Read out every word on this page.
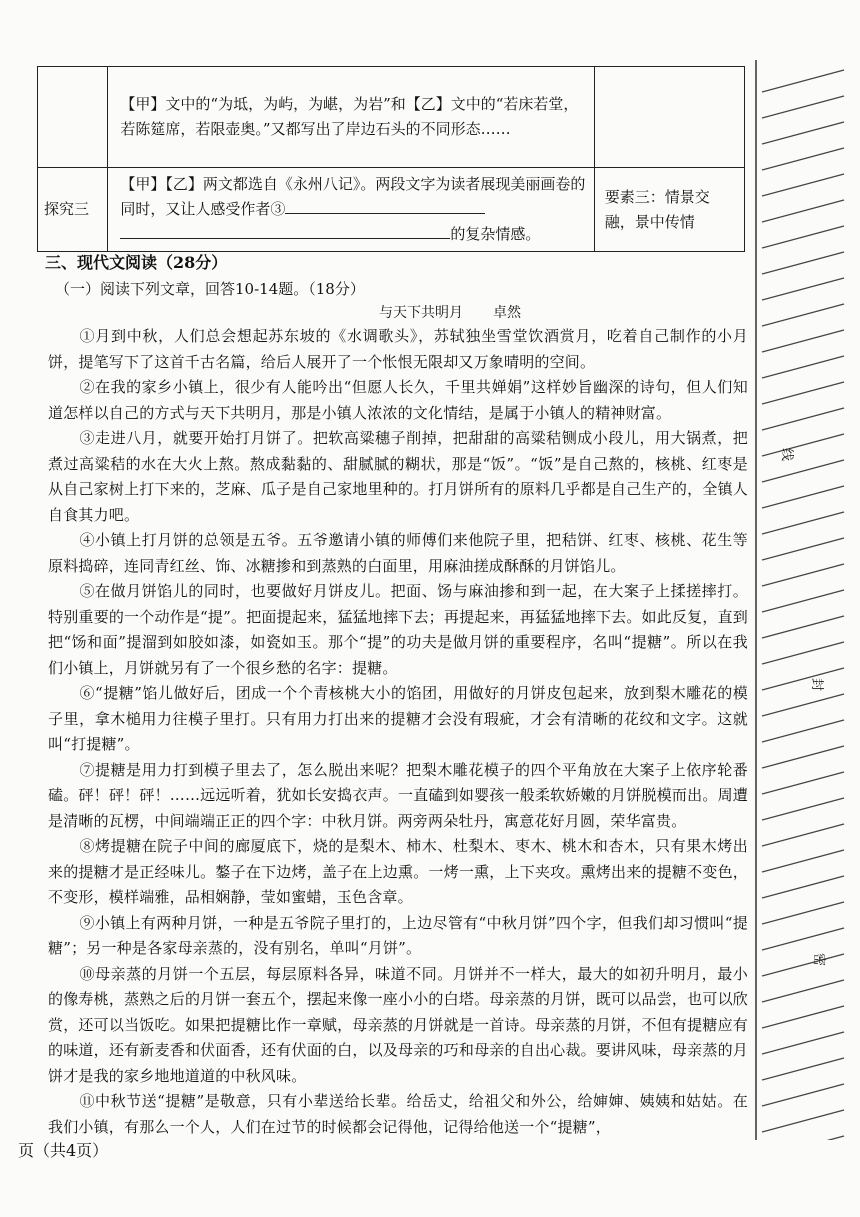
	【甲】文中的“为坻，为屿，为嵁，为岩”和【乙】文中的“若床若堂，若陈筵席，若限壶奥。”又都写出了岸边石头的不同形态……	
探究三	【甲】【乙】两文都选自《永州八记》。两段文字为读者展现美丽画卷的同时，又让人感受作者③
的复杂情感。	要素三：情景交融，景中传情
三、现代文阅读（28分）
（一）阅读下列文章，回答10-14题。（18分）
与天下共明月 卓然

①月到中秋，人们总会想起苏东坡的《水调歌头》，苏轼独坐雪堂饮酒赏月，吃着自己制作的小月饼，提笔写下了这首千古名篇，给后人展开了一个怅恨无限却又万象晴明的空间。

②在我的家乡小镇上，很少有人能吟出“但愿人长久，千里共婵娟”这样妙旨幽深的诗句，但人们知道怎样以自己的方式与天下共明月，那是小镇人浓浓的文化情结，是属于小镇人的精神财富。

③走进八月，就要开始打月饼了。把软高粱穗子削掉，把甜甜的高粱秸铡成小段儿，用大锅煮，把煮过高粱秸的水在大火上熬。熬成黏黏的、甜腻腻的糊状，那是“饭”。“饭”是自己熬的，核桃、红枣是从自己家树上打下来的，芝麻、瓜子是自己家地里种的。打月饼所有的原料几乎都是自己生产的，全镇人自食其力吧。

④小镇上打月饼的总领是五爷。五爷邀请小镇的师傅们来他院子里，把秸饼、红枣、核桃、花生等原料捣碎，连同青红丝、饰、冰糖掺和到蒸熟的白面里，用麻油搓成酥酥的月饼馅儿。

⑤在做月饼馅儿的同时，也要做好月饼皮儿。把面、饧与麻油掺和到一起，在大案子上揉搓摔打。特别重要的一个动作是“提”。把面提起来，猛猛地摔下去；再提起来，再猛猛地摔下去。如此反复，直到把“饧和面”提溜到如胶如漆，如瓷如玉。那个“提”的功夫是做月饼的重要程序，名叫“提糖”。所以在我们小镇上，月饼就另有了一个很乡愁的名字：提糖。

⑥“提糖”馅儿做好后，团成一个个青核桃大小的馅团，用做好的月饼皮包起来，放到梨木雕花的模子里，拿木槌用力往模子里打。只有用力打出来的提糖才会没有瑕疵，才会有清晰的花纹和文字。这就叫“打提糖”。

⑦提糖是用力打到模子里去了，怎么脱出来呢？把梨木雕花模子的四个平角放在大案子上依序轮番磕。砰！砰！砰！……远远听着，犹如长安捣衣声。一直磕到如婴孩一般柔软娇嫩的月饼脱模而出。周遭是清晰的瓦楞，中间端端正正的四个字：中秋月饼。两旁两朵牡丹，寓意花好月圆，荣华富贵。

⑧烤提糖在院子中间的廊厦底下，烧的是梨木、柿木、杜梨木、枣木、桃木和杏木，只有果木烤出来的提糖才是正经味儿。鏊子在下边烤，盖子在上边熏。一烤一熏，上下夹攻。熏烤出来的提糖不变色，不变形，模样端雅，品相娴静，莹如蜜蜡，玉色含章。

⑨小镇上有两种月饼，一种是五爷院子里打的，上边尽管有“中秋月饼”四个字，但我们却习惯叫“提糖”；另一种是各家母亲蒸的，没有别名，单叫“月饼”。

⑩母亲蒸的月饼一个五层，每层原料各异，味道不同。月饼并不一样大，最大的如初升明月，最小的像寿桃，蒸熟之后的月饼一套五个，摆起来像一座小小的白塔。母亲蒸的月饼，既可以品尝，也可以欣赏，还可以当饭吃。如果把提糖比作一章赋，母亲蒸的月饼就是一首诗。母亲蒸的月饼，不但有提糖应有的味道，还有新麦香和伏面香，还有伏面的白，以及母亲的巧和母亲的自出心裁。要讲风味，母亲蒸的月饼才是我的家乡地地道道的中秋风味。

⑪中秋节送“提糖”是敬意，只有小辈送给长辈。给岳丈，给祖父和外公，给婶婶、姨姨和姑姑。在我们小镇，有那么一个人，人们在过节的时候都会记得他，记得给他送一个“提糖”，

页（共4页）
线
封
密
